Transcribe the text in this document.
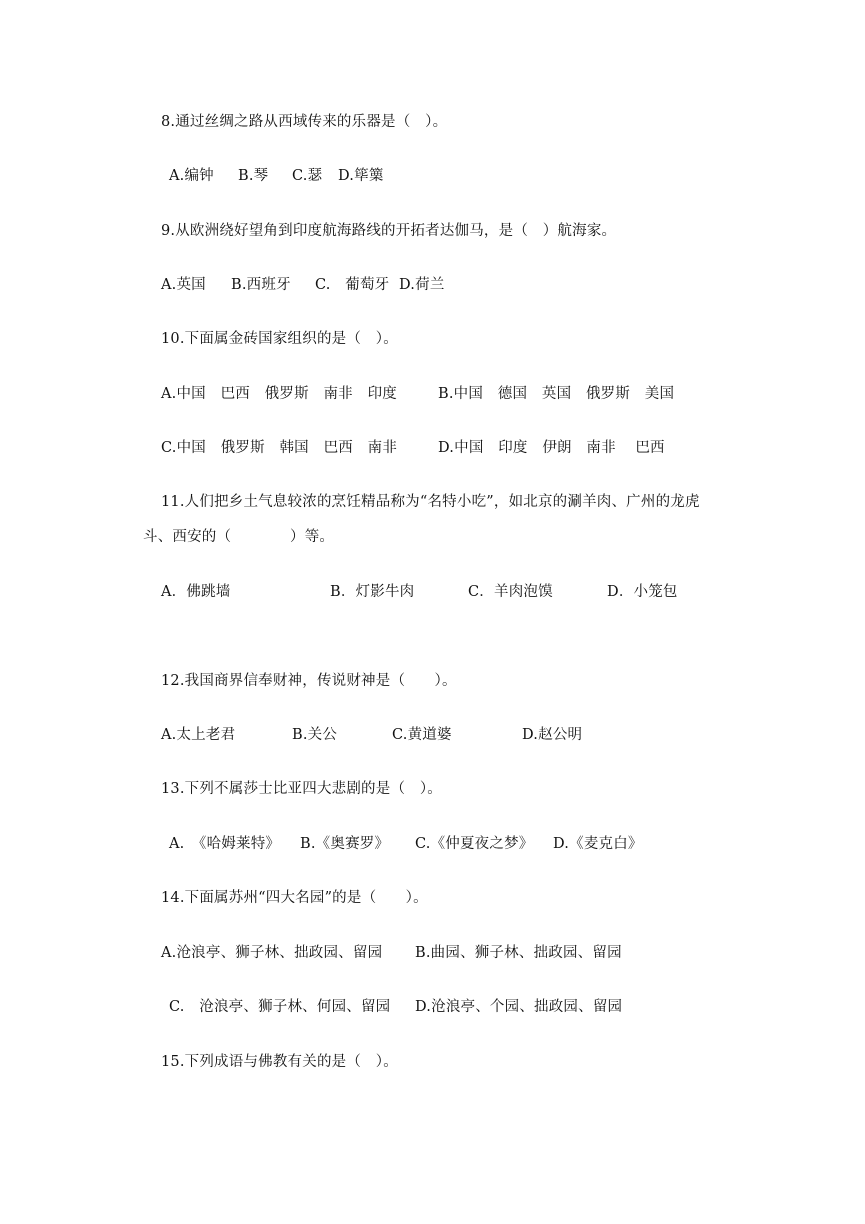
8.通过丝绸之路从西域传来的乐器是（　）。
A.编钟 B.琴 C.瑟 D.筚篥
9.从欧洲绕好望角到印度航海路线的开拓者达伽马，是（　）航海家。
A.英国 B.西班牙 C.　葡萄牙 D.荷兰
10.下面属金砖国家组织的是（　）。
A.中国　巴西　俄罗斯　南非　印度	B.中国　德国　英国　俄罗斯　美国
C.中国　俄罗斯　韩国　巴西　南非	D.中国　印度　伊朗　南非　 巴西
11.人们把乡土气息较浓的烹饪精品称为“名特小吃”，如北京的涮羊肉、广州的龙虎
斗、西安的（　　　　）等。
A．佛跳墙	B．灯影牛肉	C．羊肉泡馍	D．小笼包
12.我国商界信奉财神，传说财神是（　　）。
A.太上老君	B.关公	C.黄道婆	D.赵公明
13.下列不属莎士比亚四大悲剧的是（　）。
A.　《哈姆莱特》 B.《奥赛罗》 C.《仲夏夜之梦》 D.《麦克白》
14.下面属苏州“四大名园”的是（　　）。
A.沧浪亭、狮子林、拙政园、留园 B.曲园、狮子林、拙政园、留园
C.　沧浪亭、狮子林、何园、留园 D.沧浪亭、个园、拙政园、留园
15.下列成语与佛教有关的是（　）。
